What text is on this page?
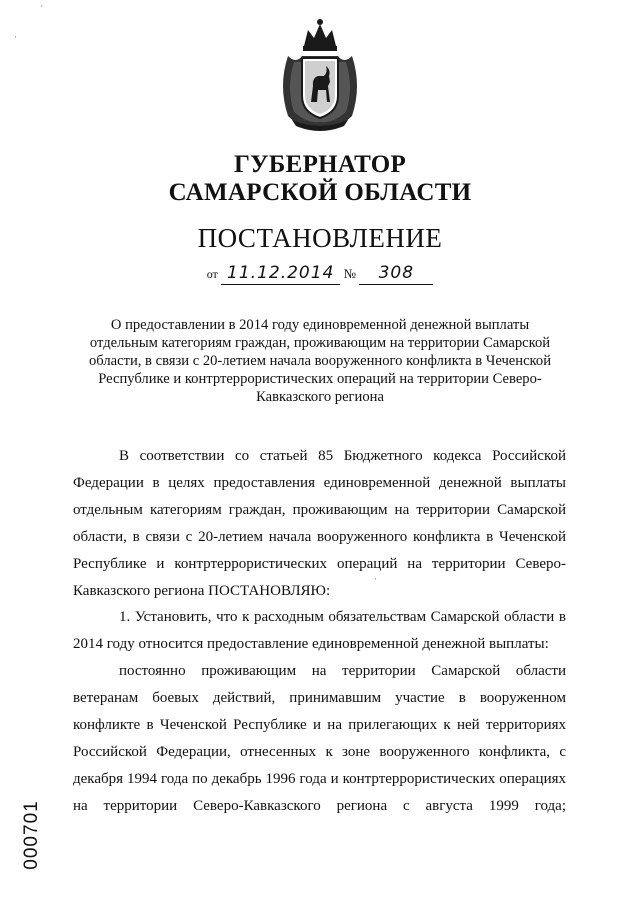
ГУБЕРНАТОР
САМАРСКОЙ ОБЛАСТИ
ПОСТАНОВЛЕНИЕ
от 11.12.2014 № 308
О предоставлении в 2014 году единовременной денежной выплаты отдельным категориям граждан, проживающим на территории Самарской области, в связи с 20-летием начала вооруженного конфликта в Чеченской Республике и контртеррористических операций на территории Северо-Кавказского региона

В соответствии со статьей 85 Бюджетного кодекса Российской Федерации в целях предоставления единовременной денежной выплаты отдельным категориям граждан, проживающим на территории Самарской области, в связи с 20-летием начала вооруженного конфликта в Чеченской Республике и контртеррористических операций на территории Северо-Кавказского региона ПОСТАНОВЛЯЮ:

1. Установить, что к расходным обязательствам Самарской области в 2014 году относится предоставление единовременной денежной выплаты:

постоянно проживающим на территории Самарской области ветеранам боевых действий, принимавшим участие в вооруженном конфликте в Чеченской Республике и на прилегающих к ней территориях Российской Федерации, отнесенных к зоне вооруженного конфликта, с декабря 1994 года по декабрь 1996 года и контртеррористических операциях на территории Северо-Кавказского региона с августа 1999 года;

000701
ˊ
·
·
